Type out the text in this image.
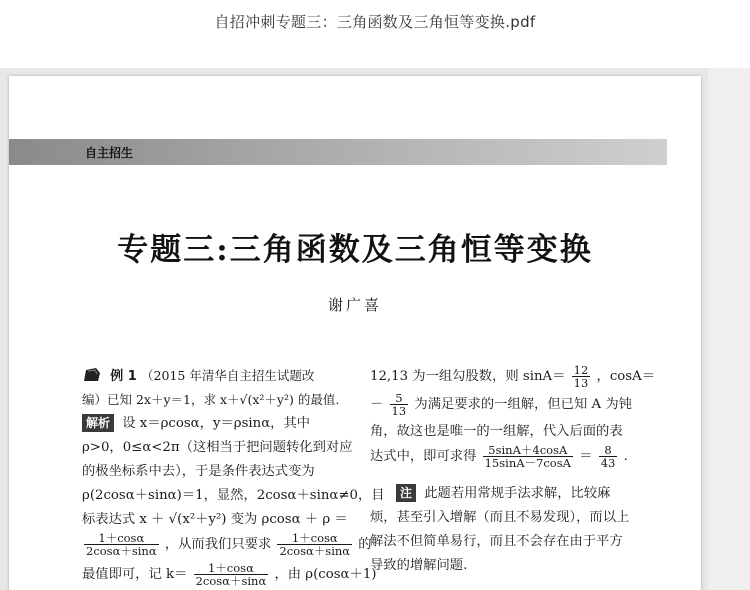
自招冲刺专题三：三角函数及三角恒等变换.pdf
自主招生
专题三:三角函数及三角恒等变换
谢广喜
例 1 （2015 年清华自主招生试题改
编）已知 2x＋y＝1，求 x＋√(x²＋y²) 的最值.
解析 设 x＝ρcosα，y＝ρsinα，其中
ρ>0，0≤α<2π（这相当于把问题转化到对应
的极坐标系中去），于是条件表达式变为
ρ(2cosα＋sinα)＝1，显然，2cosα＋sinα≠0，目
标表达式 x ＋ √(x²＋y²) 变为 ρcosα ＋ ρ ＝
$\frac{1+\cos\alpha}{2\cos\alpha+\sin\alpha}$ ，从而我们只要求 $\frac{1+\cos\alpha}{2\cos\alpha+\sin\alpha}$ 的
最值即可，记 $k= \frac{1+\cos\alpha}{2\cos\alpha+\sin\alpha}$ ，由 ρ(cosα＋1)
12,13 为一组勾股数，则 $\sin A= \frac{12}{13}$ ，cosA＝
－ $\frac{5}{13}$ 为满足要求的一组解，但已知 A 为钝
角，故这也是唯一的一组解，代入后面的表
达式中，即可求得 $\frac{5\sin A+4\cos A}{15\sin A-7\cos A} = \frac{8}{43}$ .
注 此题若用常规手法求解，比较麻
烦，甚至引入增解（而且不易发现），而以上
解法不但简单易行，而且不会存在由于平方
导致的增解问题.
